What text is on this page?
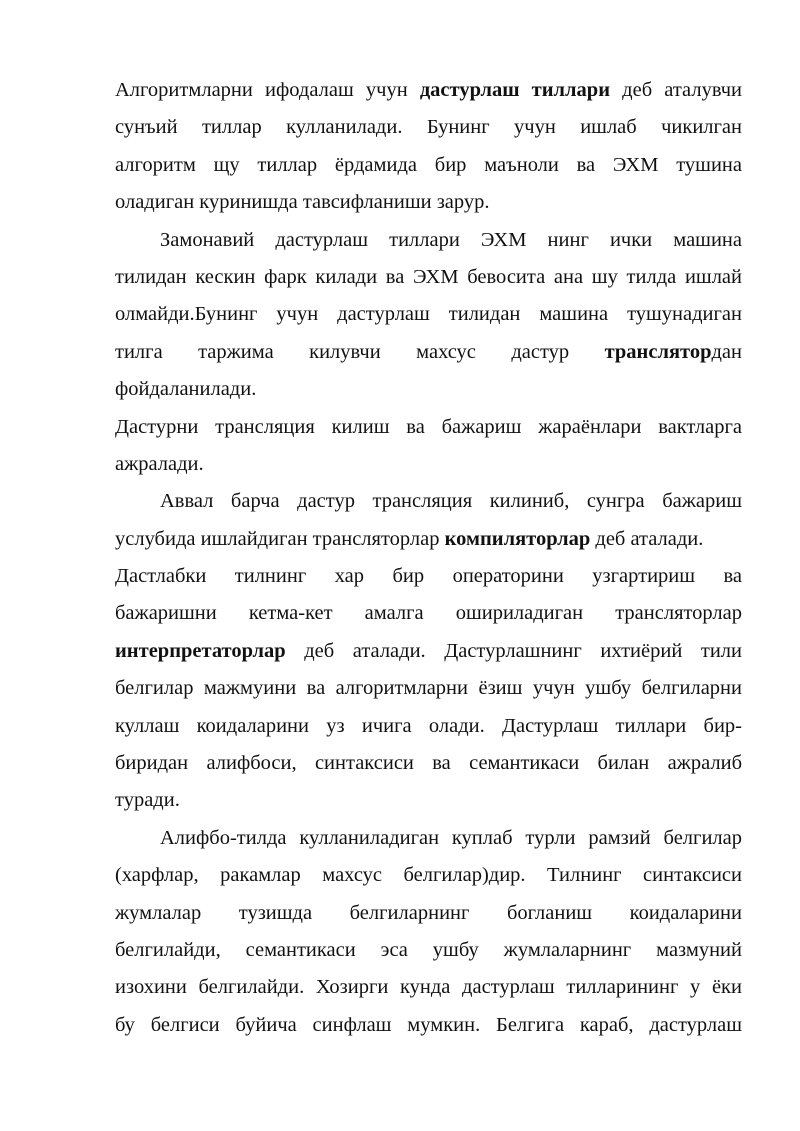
Алгоритмларни ифодалаш учун дастурлаш тиллари деб аталувчи
сунъий тиллар кулланилади. Бунинг учун ишлаб чикилган
алгоритм щу тиллар ёрдамида бир маъноли ва ЭХМ тушина
оладиган куринишда тавсифланиши зарур.
Замонавий дастурлаш тиллари ЭХМ нинг ички машина
тилидан кескин фарк килади ва ЭХМ бевосита ана шу тилда ишлай
олмайди.Бунинг учун дастурлаш тилидан машина тушунадиган
тилга таржима килувчи махсус дастур транслятордан
фойдаланилади.
Дастурни трансляция килиш ва бажариш жараёнлари вактларга
ажралади.
Аввал барча дастур трансляция килиниб, сунгра бажариш
услубида ишлайдиган трансляторлар компиляторлар деб аталади.
Дастлабки тилнинг хар бир операторини узгартириш ва
бажаришни кетма-кет амалга ошириладиган трансляторлар
интерпретаторлар деб аталади. Дастурлашнинг ихтиёрий тили
белгилар мажмуини ва алгоритмларни ёзиш учун ушбу белгиларни
куллаш коидаларини уз ичига олади. Дастурлаш тиллари бир-
биридан алифбоси, синтаксиси ва семантикаси билан ажралиб
туради.
Алифбо-тилда кулланиладиган куплаб турли рамзий белгилар
(харфлар, ракамлар махсус белгилар)дир. Тилнинг синтаксиси
жумлалар тузишда белгиларнинг богланиш коидаларини
белгилайди, семантикаси эса ушбу жумлаларнинг мазмуний
изохини белгилайди. Хозирги кунда дастурлаш тилларининг у ёки
бу белгиси буйича синфлаш мумкин. Белгига караб, дастурлаш
